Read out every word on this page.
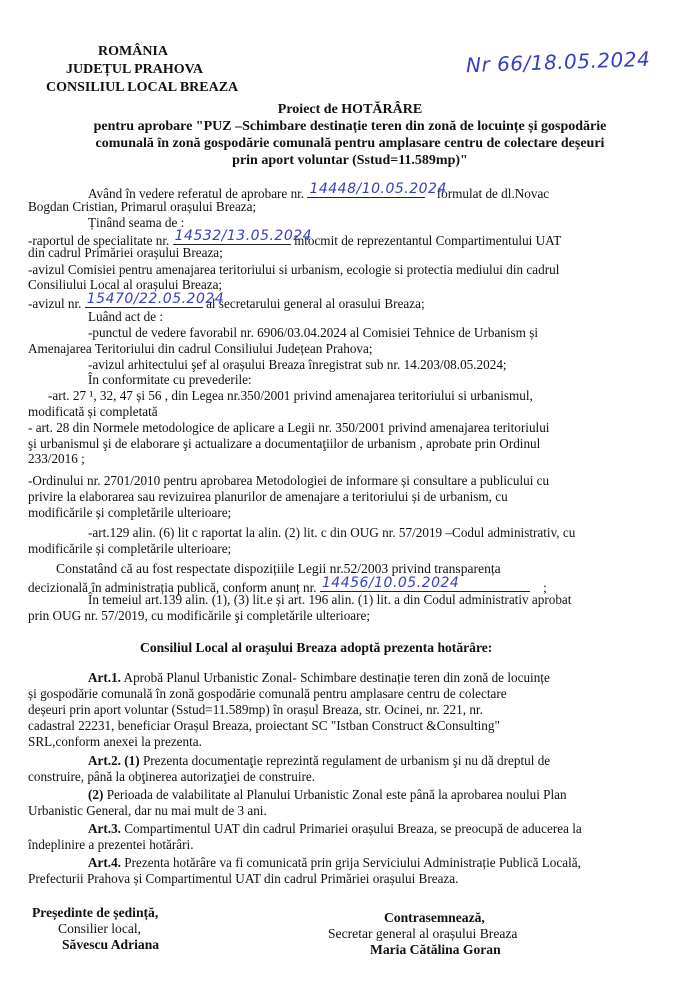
ROMÂNIA
JUDEȚUL PRAHOVA
CONSILIUL LOCAL BREAZA
Nr 66/18.05.2024
Proiect de HOTĂRÂRE
pentru aprobare "PUZ –Schimbare destinație teren din zonă de locuințe și gospodărie
comunală în zonă gospodărie comunală pentru amplasare centru de colectare deșeuri
prin aport voluntar (Sstud=11.589mp)"
Având în vedere referatul de aprobare nr. 14448/10.05.2024
formulat de dl.Novac
Bogdan Cristian, Primarul orașului Breaza;
Ținând seama de :
-raportul de specialitate nr. 14532/13.05.2024
întocmit de reprezentantul Compartimentului UAT
din cadrul Primăriei orașului Breaza;
-avizul Comisiei pentru amenajarea teritoriului si urbanism, ecologie si protectia mediului din cadrul
Consiliului Local al orașului Breaza;
-avizul nr. 15470/22.05.2024
al secretarului general al orasului Breaza;
Luând act de :
-punctul de vedere favorabil nr. 6906/03.04.2024 al Comisiei Tehnice de Urbanism și
Amenajarea Teritoriului din cadrul Consiliului Județean Prahova;
-avizul arhitectului şef al orașului Breaza înregistrat sub nr. 14.203/08.05.2024;
În conformitate cu prevederile:
-art. 27 ¹, 32, 47 și 56 , din Legea nr.350/2001 privind amenajarea teritoriului si urbanismul,
modificată și completată
- art. 28 din Normele metodologice de aplicare a Legii nr. 350/2001 privind amenajarea teritoriului
şi urbanismul şi de elaborare şi actualizare a documentaţiilor de urbanism , aprobate prin Ordinul
233/2016 ;
-Ordinului nr. 2701/2010 pentru aprobarea Metodologiei de informare și consultare a publicului cu
privire la elaborarea sau revizuirea planurilor de amenajare a teritoriului și de urbanism, cu
modificările și completările ulterioare;
-art.129 alin. (6) lit c raportat la alin. (2) lit. c din OUG nr. 57/2019 –Codul administrativ, cu
modificările și completările ulterioare;
Constatând că au fost respectate dispozițiile Legii nr.52/2003 privind transparența
decizională în administrația publică, conform anunț nr. 14456/10.05.2024	;
În temeiul art.139 alin. (1), (3) lit.e și art. 196 alin. (1) lit. a din Codul administrativ aprobat
prin OUG nr. 57/2019, cu modificările şi completările ulterioare;
Consiliul Local al orașului Breaza adoptă prezenta hotărâre:
Art.1. Aprobă Planul Urbanistic Zonal- Schimbare destinație teren din zonă de locuințe
și gospodărie comunală în zonă gospodărie comunală pentru amplasare centru de colectare
deșeuri prin aport voluntar (Sstud=11.589mp) în orașul Breaza, str. Ocinei, nr. 221, nr.
cadastral 22231, beneficiar Orașul Breaza, proiectant SC "Istban Construct &Consulting"
SRL,conform anexei la prezenta.
Art.2. (1) Prezenta documentaţie reprezintă regulament de urbanism şi nu dă dreptul de
construire, până la obţinerea autorizaţiei de construire.
(2) Perioada de valabilitate al Planului Urbanistic Zonal este până la aprobarea noului Plan
Urbanistic General, dar nu mai mult de 3 ani.
Art.3. Compartimentul UAT din cadrul Primariei orașului Breaza, se preocupă de aducerea la
îndeplinire a prezentei hotărâri.
Art.4. Prezenta hotărâre va fi comunicată prin grija Serviciului Administrație Publică Locală,
Prefecturii Prahova și Compartimentul UAT din cadrul Primăriei orașului Breaza.
Președinte de ședință,
Consilier local,
Săvescu Adriana
Contrasemnează,
Secretar general al orașului Breaza
Maria Cătălina Goran
